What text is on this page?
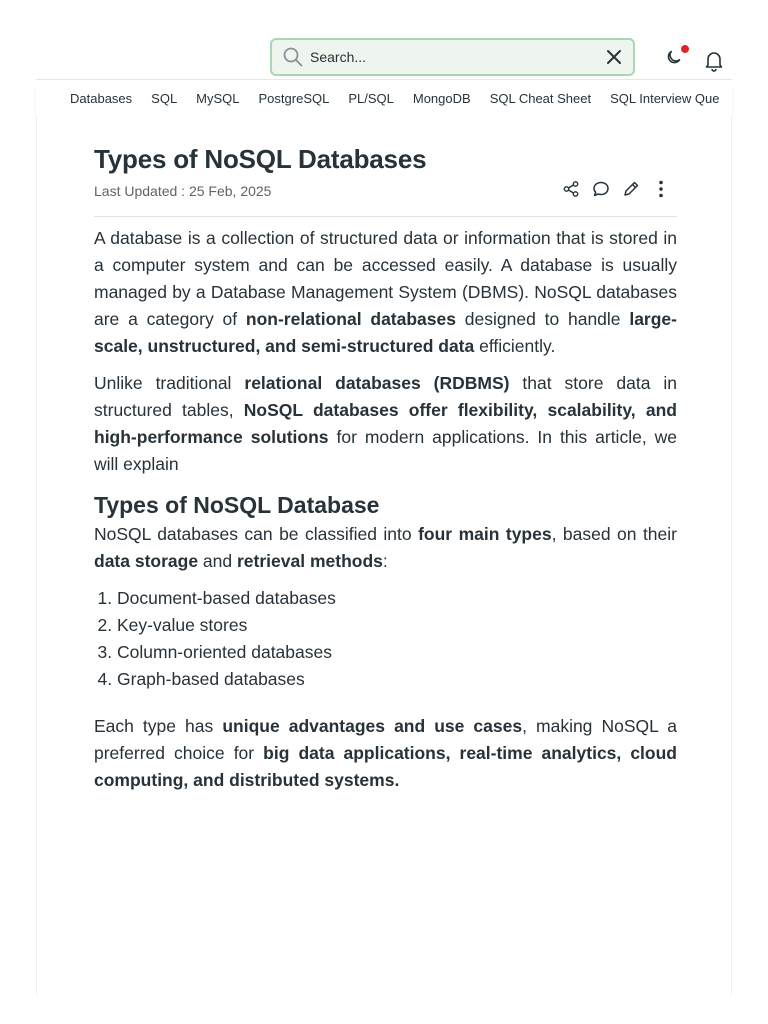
Search...
Databases SQL MySQL PostgreSQL PL/SQL MongoDB SQL Cheat Sheet SQL Interview Que
Types of NoSQL Databases
Last Updated : 25 Feb, 2025

A database is a collection of structured data or information that is stored in a computer system and can be accessed easily. A database is usually managed by a Database Management System (DBMS). NoSQL databases are a category of non-relational databases designed to handle large-scale, unstructured, and semi-structured data efficiently.

Unlike traditional relational databases (RDBMS) that store data in structured tables, NoSQL databases offer flexibility, scalability, and high-performance solutions for modern applications. In this article, we will explain

Types of NoSQL Database

NoSQL databases can be classified into four main types, based on their data storage and retrieval methods:

1. Document-based databases
2. Key-value stores
3. Column-oriented databases
4. Graph-based databases

Each type has unique advantages and use cases, making NoSQL a preferred choice for big data applications, real-time analytics, cloud computing, and distributed systems.
